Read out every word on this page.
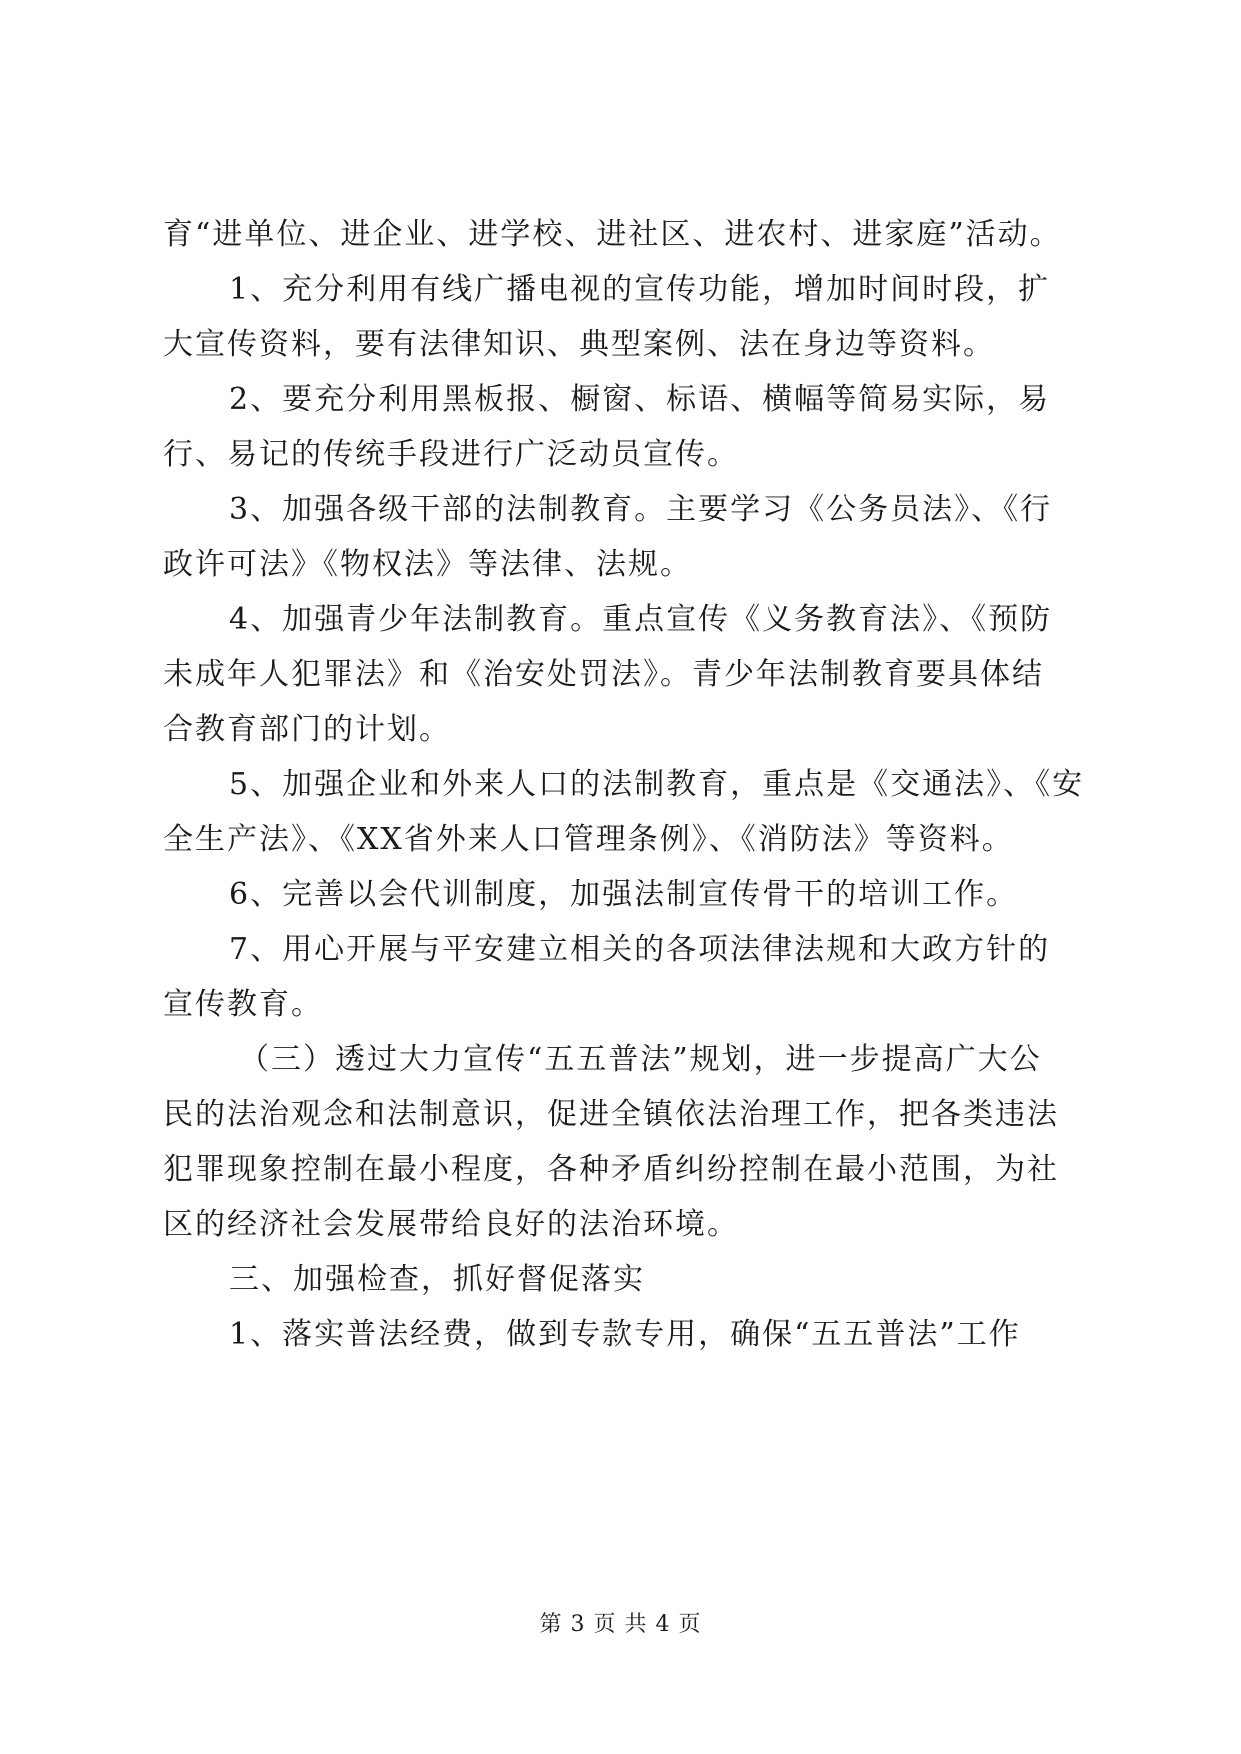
育“进单位、进企业、进学校、进社区、进农村、进家庭”活动。
1、充分利用有线广播电视的宣传功能，增加时间时段，扩
大宣传资料，要有法律知识、典型案例、法在身边等资料。
2、要充分利用黑板报、橱窗、标语、横幅等简易实际，易
行、易记的传统手段进行广泛动员宣传。
3、加强各级干部的法制教育。主要学习《公务员法》、《行
政许可法》《物权法》等法律、法规。
4、加强青少年法制教育。重点宣传《义务教育法》、《预防
未成年人犯罪法》和《治安处罚法》。青少年法制教育要具体结
合教育部门的计划。
5、加强企业和外来人口的法制教育，重点是《交通法》、《安
全生产法》、《XX省外来人口管理条例》、《消防法》等资料。
6、完善以会代训制度，加强法制宣传骨干的培训工作。
7、用心开展与平安建立相关的各项法律法规和大政方针的
宣传教育。
（三）透过大力宣传“五五普法”规划，进一步提高广大公
民的法治观念和法制意识，促进全镇依法治理工作，把各类违法
犯罪现象控制在最小程度，各种矛盾纠纷控制在最小范围，为社
区的经济社会发展带给良好的法治环境。
三、加强检查，抓好督促落实
1、落实普法经费，做到专款专用，确保“五五普法”工作
第 3 页 共 4 页
